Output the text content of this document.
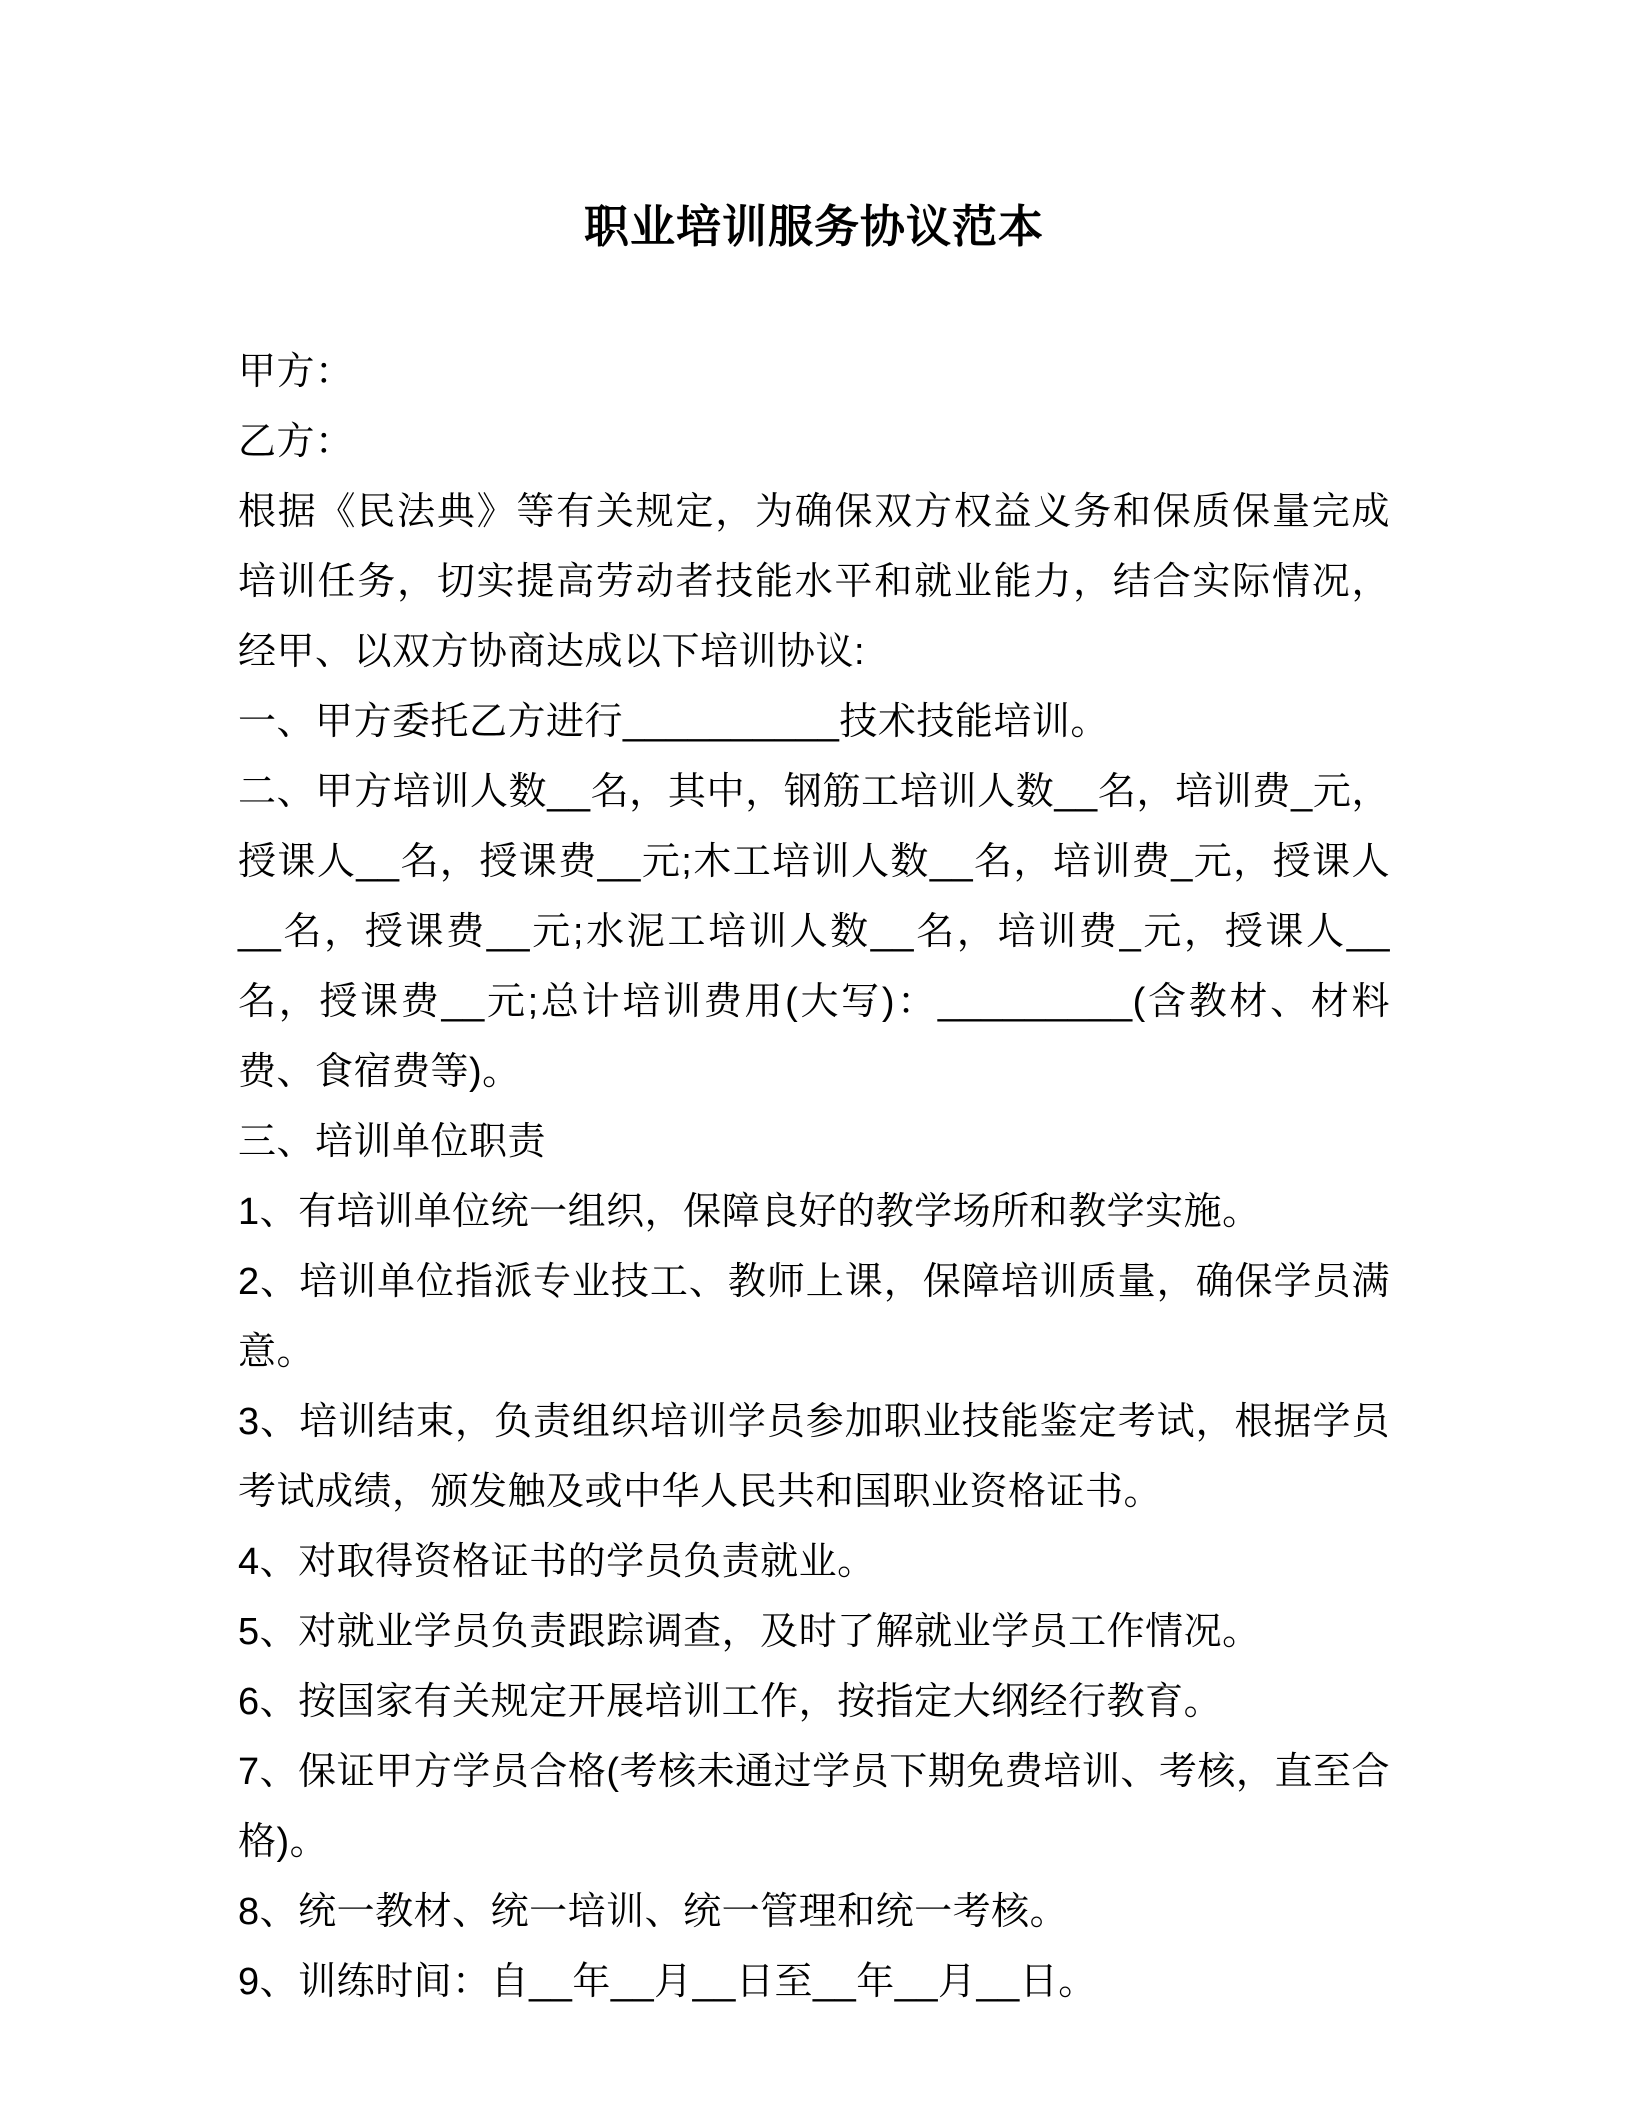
职业培训服务协议范本

甲方：

乙方：

根据《民法典》等有关规定，为确保双方权益义务和保质保量完成培训任务，切实提高劳动者技能水平和就业能力，结合实际情况，经甲、以双方协商达成以下培训协议:

一、甲方委托乙方进行__________技术技能培训。

二、甲方培训人数__名，其中，钢筋工培训人数__名，培训费_元，授课人__名，授课费__元;木工培训人数__名，培训费_元，授课人__名，授课费__元;水泥工培训人数__名，培训费_元，授课人__名，授课费__元;总计培训费用(大写)：_________(含教材、材料费、食宿费等)。

三、培训单位职责

1、有培训单位统一组织，保障良好的教学场所和教学实施。

2、培训单位指派专业技工、教师上课，保障培训质量，确保学员满意。

3、培训结束，负责组织培训学员参加职业技能鉴定考试，根据学员考试成绩，颁发触及或中华人民共和国职业资格证书。

4、对取得资格证书的学员负责就业。

5、对就业学员负责跟踪调查，及时了解就业学员工作情况。

6、按国家有关规定开展培训工作，按指定大纲经行教育。

7、保证甲方学员合格(考核未通过学员下期免费培训、考核，直至合格)。

8、统一教材、统一培训、统一管理和统一考核。

9、训练时间：自__年__月__日至__年__月__日。
